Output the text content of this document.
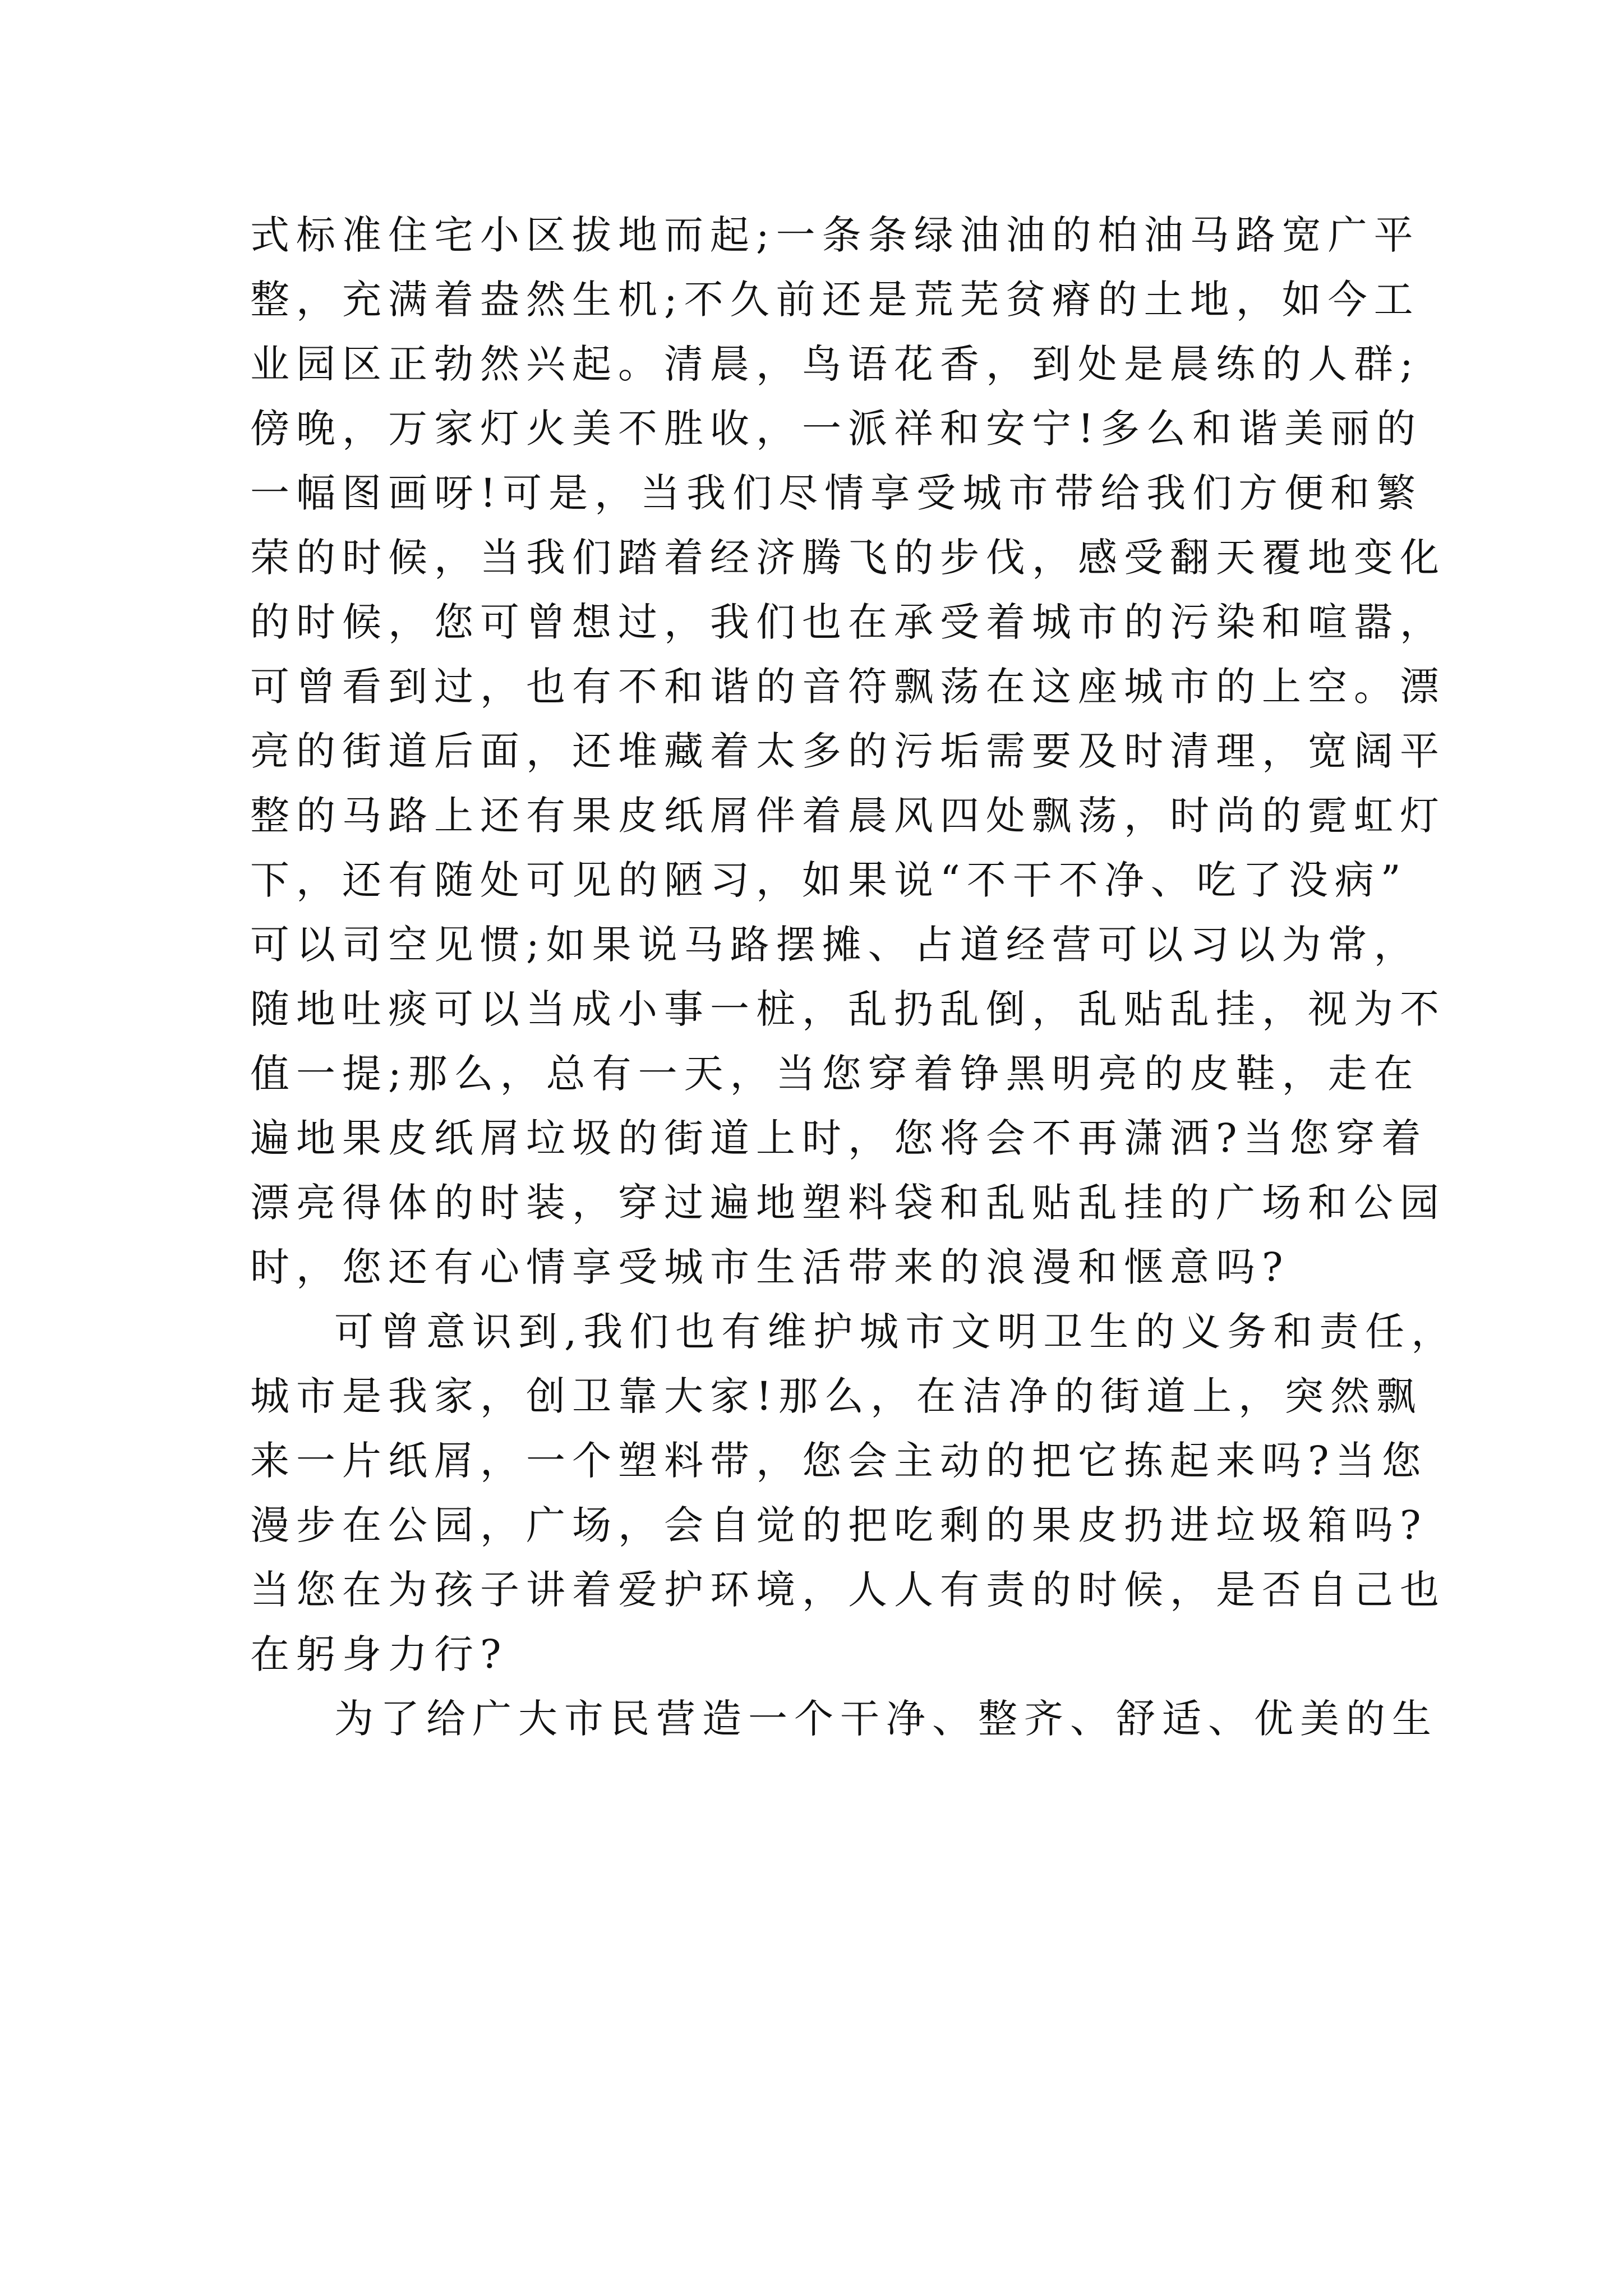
式标准住宅小区拔地而起;一条条绿油油的柏油马路宽广平
整，充满着盎然生机;不久前还是荒芜贫瘠的土地，如今工
业园区正勃然兴起。清晨，鸟语花香，到处是晨练的人群;
傍晚，万家灯火美不胜收，一派祥和安宁!多么和谐美丽的
一幅图画呀!可是，当我们尽情享受城市带给我们方便和繁
荣的时候，当我们踏着经济腾飞的步伐，感受翻天覆地变化
的时候，您可曾想过，我们也在承受着城市的污染和喧嚣，
可曾看到过，也有不和谐的音符飘荡在这座城市的上空。漂
亮的街道后面，还堆藏着太多的污垢需要及时清理，宽阔平
整的马路上还有果皮纸屑伴着晨风四处飘荡，时尚的霓虹灯
下，还有随处可见的陋习，如果说“不干不净、吃了没病”
可以司空见惯;如果说马路摆摊、占道经营可以习以为常，
随地吐痰可以当成小事一桩，乱扔乱倒，乱贴乱挂，视为不
值一提;那么，总有一天，当您穿着铮黑明亮的皮鞋，走在
遍地果皮纸屑垃圾的街道上时，您将会不再潇洒?当您穿着
漂亮得体的时装，穿过遍地塑料袋和乱贴乱挂的广场和公园
时，您还有心情享受城市生活带来的浪漫和惬意吗?
可曾意识到,我们也有维护城市文明卫生的义务和责任，
城市是我家，创卫靠大家!那么，在洁净的街道上，突然飘
来一片纸屑，一个塑料带，您会主动的把它拣起来吗?当您
漫步在公园，广场，会自觉的把吃剩的果皮扔进垃圾箱吗?
当您在为孩子讲着爱护环境，人人有责的时候，是否自己也
在躬身力行?
为了给广大市民营造一个干净、整齐、舒适、优美的生
